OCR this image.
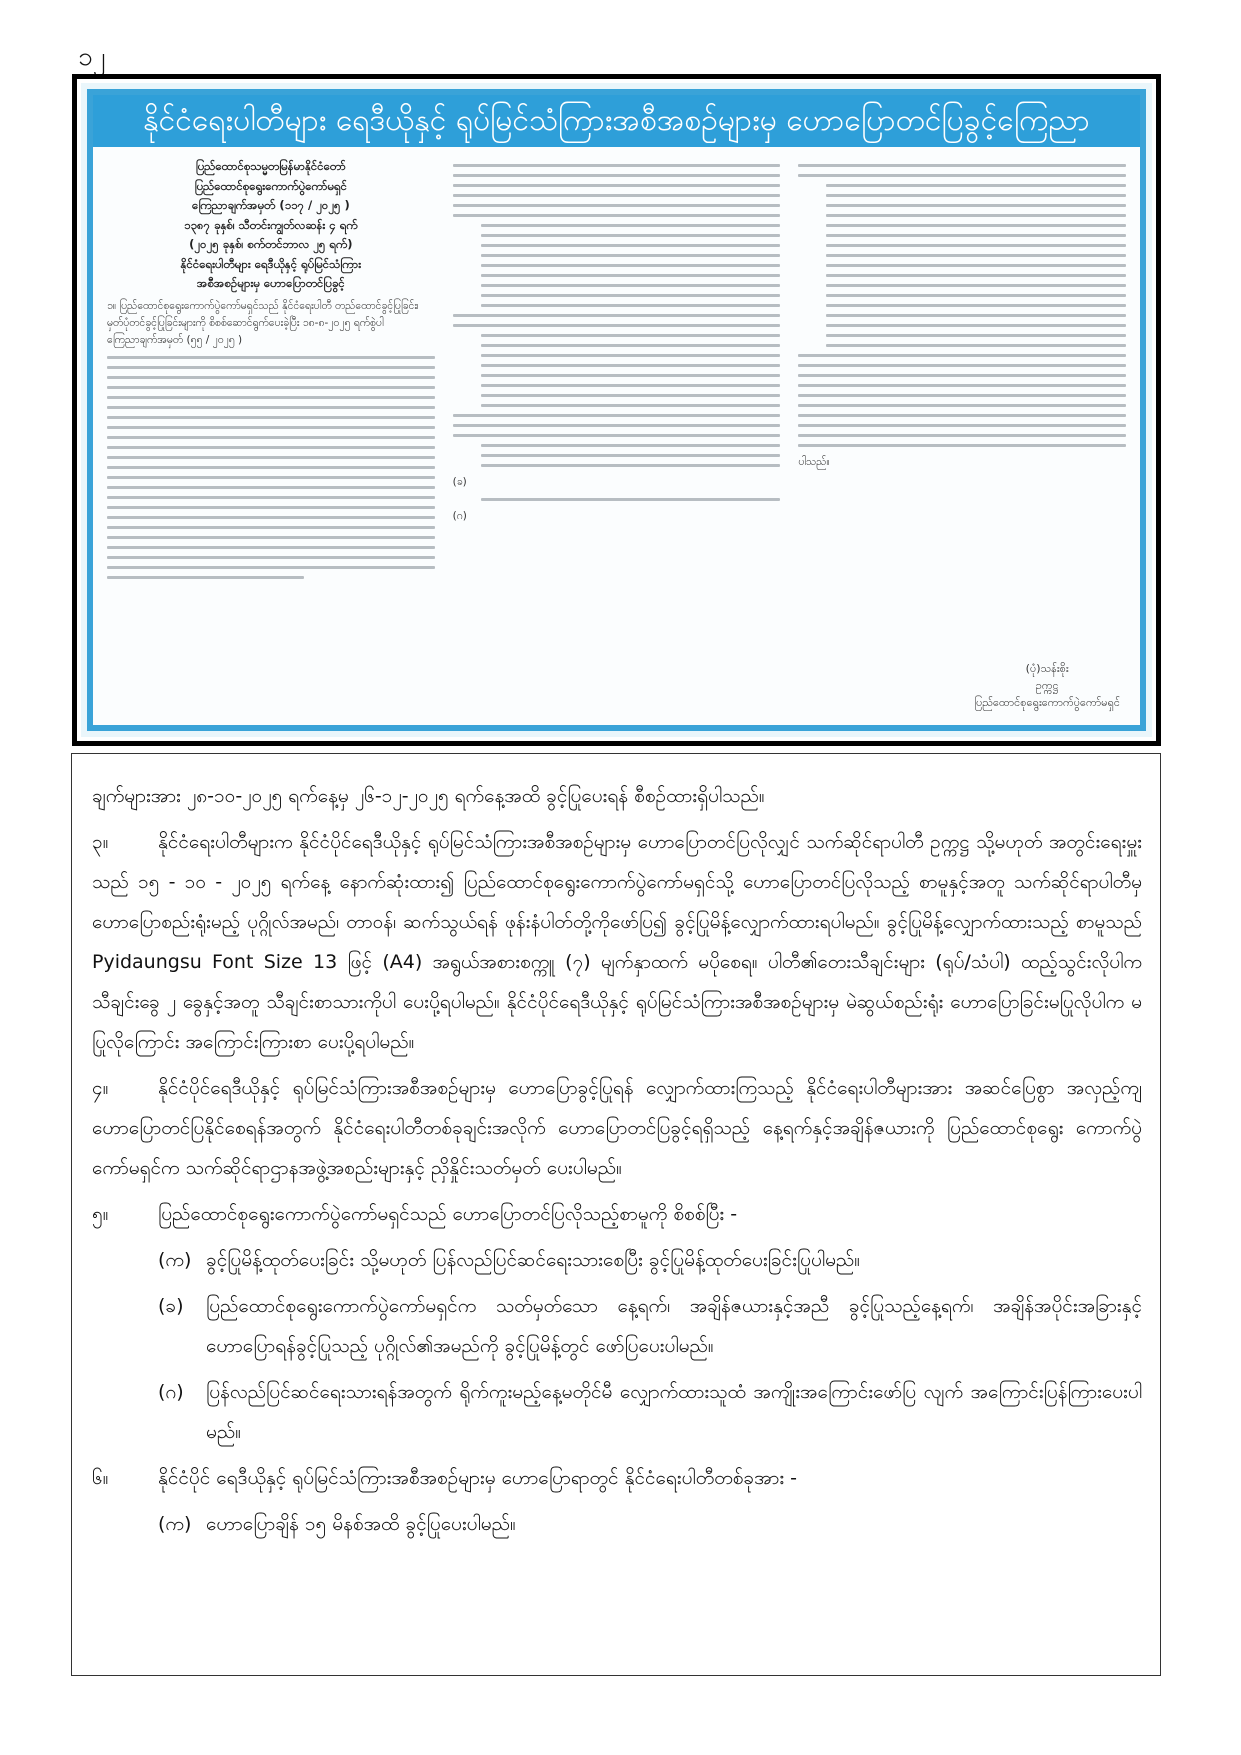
၁၂
နိုင်ငံရေးပါတီများ ရေဒီယိုနှင့် ရုပ်မြင်သံကြားအစီအစဉ်များမှ ဟောပြောတင်ပြခွင့်ကြေညာ
ပြည်ထောင်စုသမ္မတမြန်မာနိုင်ငံတော်
ပြည်ထောင်စုရွေးကောက်ပွဲကော်မရှင်
ကြေညာချက်အမှတ် (၁၁၇ / ၂၀၂၅ )
၁၃၈၇ ခုနှစ်၊ သီတင်းကျွတ်လဆန်း ၄ ရက်
(၂၀၂၅ ခုနှစ်၊ စက်တင်ဘာလ ၂၅ ရက်)
နိုင်ငံရေးပါတီများ ရေဒီယိုနှင့် ရုပ်မြင်သံကြား
အစီအစဉ်များမှ ဟောပြောတင်ပြခွင့်
၁။ ပြည်ထောင်စုရွေးကောက်ပွဲကော်မရှင်သည် နိုင်ငံရေးပါတီ တည်ထောင်ခွင့်ပြုခြင်း၊ မှတ်ပုံတင်ခွင့်ပြုခြင်းများကို စိစစ်ဆောင်ရွက်ပေးခဲ့ပြီး ၁၈-၈-၂၀၂၅ ရက်စွဲပါ ကြေညာချက်အမှတ် (၅၅ / ၂၀၂၅ )
(ခ)
(ဂ)
ပါသည်။
(ပုံ)သန်းစိုး
ဥက္ကဋ္ဌ
ပြည်ထောင်စုရွေးကောက်ပွဲကော်မရှင်
ချက်များအား ၂၈-၁၀-၂၀၂၅ ရက်နေ့မှ ၂၆-၁၂-၂၀၂၅ ရက်နေ့အထိ ခွင့်ပြုပေးရန် စီစဉ်ထားရှိပါသည်။
၃။	နိုင်ငံရေးပါတီများက နိုင်ငံပိုင်ရေဒီယိုနှင့် ရုပ်မြင်သံကြားအစီအစဉ်များမှ ဟောပြောတင်ပြလိုလျှင် သက်ဆိုင်ရာပါတီ ဥက္ကဋ္ဌ သို့မဟုတ် အတွင်းရေးမှူးသည် ၁၅ - ၁၀ - ၂၀၂၅ ရက်နေ့ နောက်ဆုံးထား၍ ပြည်ထောင်စုရွေးကောက်ပွဲကော်မရှင်သို့ ဟောပြောတင်ပြလိုသည့် စာမူနှင့်အတူ သက်ဆိုင်ရာပါတီမှ ဟောပြောစည်းရုံးမည့် ပုဂ္ဂိုလ်အမည်၊ တာဝန်၊ ဆက်သွယ်ရန် ဖုန်းနံပါတ်တို့ကိုဖော်ပြ၍ ခွင့်ပြုမိန့်လျှောက်ထားရပါမည်။ ခွင့်ပြုမိန့်လျှောက်ထားသည့် စာမူသည် Pyidaungsu Font Size 13 ဖြင့် (A4) အရွယ်အစားစက္ကူ (၇) မျက်နှာထက် မပိုစေရ။ ပါတီ၏တေးသီချင်းများ (ရုပ်/သံပါ) ထည့်သွင်းလိုပါက သီချင်းခွေ ၂ ခွေနှင့်အတူ သီချင်းစာသားကိုပါ ပေးပို့ရပါမည်။ နိုင်ငံပိုင်ရေဒီယိုနှင့် ရုပ်မြင်သံကြားအစီအစဉ်များမှ မဲဆွယ်စည်းရုံး ဟောပြောခြင်းမပြုလိုပါက မပြုလိုကြောင်း အကြောင်းကြားစာ ပေးပို့ရပါမည်။
၄။	နိုင်ငံပိုင်ရေဒီယိုနှင့် ရုပ်မြင်သံကြားအစီအစဉ်များမှ ဟောပြောခွင့်ပြုရန် လျှောက်ထားကြသည့် နိုင်ငံရေးပါတီများအား အဆင်ပြေစွာ အလှည့်ကျဟောပြောတင်ပြနိုင်စေရန်အတွက် နိုင်ငံရေးပါတီတစ်ခုချင်းအလိုက် ဟောပြောတင်ပြခွင့်ရရှိသည့် နေ့ရက်နှင့်အချိန်ဇယားကို ပြည်ထောင်စုရွေး ကောက်ပွဲကော်မရှင်က သက်ဆိုင်ရာဌာနအဖွဲ့အစည်းများနှင့် ညှိနှိုင်းသတ်မှတ် ပေးပါမည်။
၅။	ပြည်ထောင်စုရွေးကောက်ပွဲကော်မရှင်သည် ဟောပြောတင်ပြလိုသည့်စာမူကို စိစစ်ပြီး -
(က) ခွင့်ပြုမိန့်ထုတ်ပေးခြင်း သို့မဟုတ် ပြန်လည်ပြင်ဆင်ရေးသားစေပြီး ခွင့်ပြုမိန့်ထုတ်ပေးခြင်းပြုပါမည်။
(ခ)	ပြည်ထောင်စုရွေးကောက်ပွဲကော်မရှင်က သတ်မှတ်သော နေ့ရက်၊ အချိန်ဇယားနှင့်အညီ ခွင့်ပြုသည့်နေ့ရက်၊ အချိန်အပိုင်းအခြားနှင့် ဟောပြောရန်ခွင့်ပြုသည့် ပုဂ္ဂိုလ်၏အမည်ကို ခွင့်ပြုမိန့်တွင် ဖော်ပြပေးပါမည်။
(ဂ)	ပြန်လည်ပြင်ဆင်ရေးသားရန်အတွက် ရိုက်ကူးမည့်နေ့မတိုင်မီ လျှောက်ထားသူထံ အကျိုးအကြောင်းဖော်ပြ လျက် အကြောင်းပြန်ကြားပေးပါမည်။
၆။	နိုင်ငံပိုင် ရေဒီယိုနှင့် ရုပ်မြင်သံကြားအစီအစဉ်များမှ ဟောပြောရာတွင် နိုင်ငံရေးပါတီတစ်ခုအား -
(က) ဟောပြောချိန် ၁၅ မိနစ်အထိ ခွင့်ပြုပေးပါမည်။
